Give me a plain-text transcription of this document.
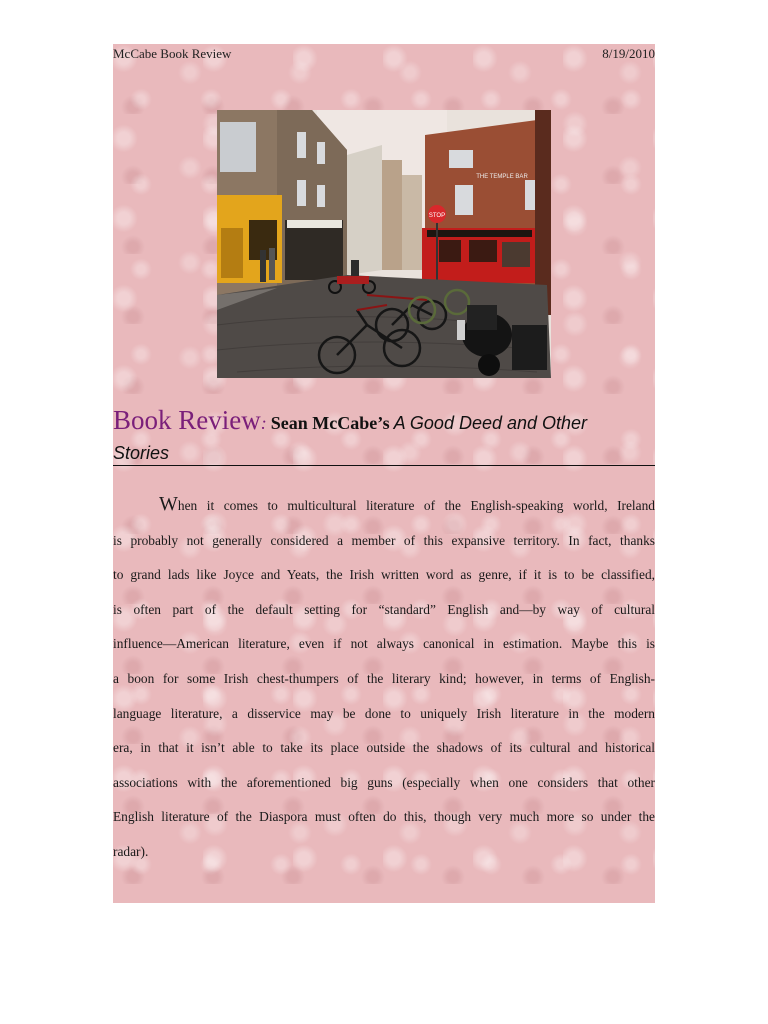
McCabe Book Review	8/19/2010
THE TEMPLE BAR
STOP
Book Review: Sean McCabe’s A Good Deed and Other
Stories
When it comes to multicultural literature of the English-speaking world, Ireland
is probably not generally considered a member of this expansive territory. In fact, thanks
to grand lads like Joyce and Yeats, the Irish written word as genre, if it is to be classified,
is often part of the default setting for “standard” English and—by way of cultural
influence—American literature, even if not always canonical in estimation. Maybe this is
a boon for some Irish chest-thumpers of the literary kind; however, in terms of English-
language literature, a disservice may be done to uniquely Irish literature in the modern
era, in that it isn’t able to take its place outside the shadows of its cultural and historical
associations with the aforementioned big guns (especially when one considers that other
English literature of the Diaspora must often do this, though very much more so under the
radar).
